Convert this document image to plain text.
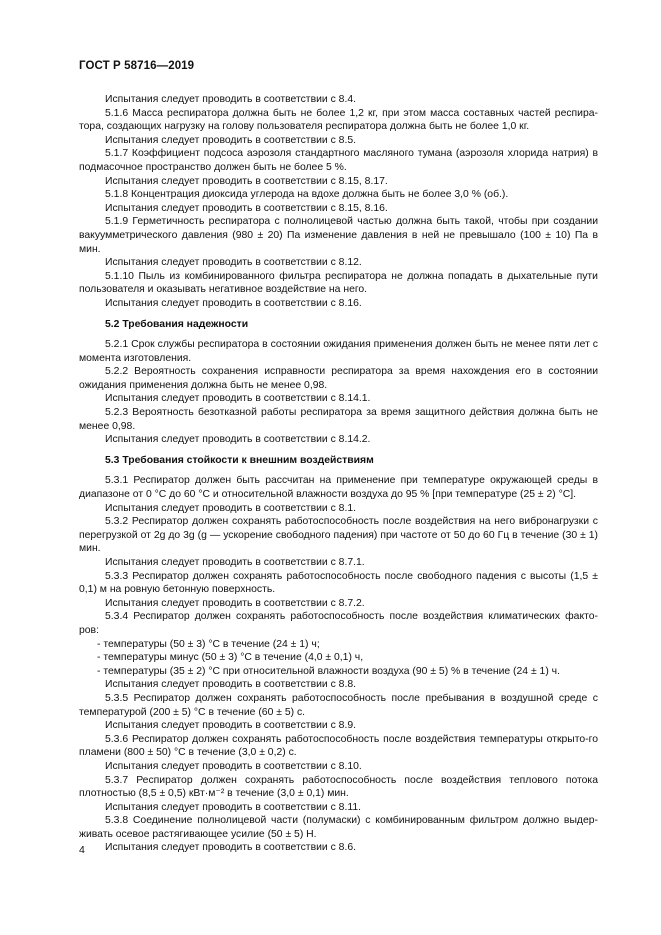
ГОСТ Р 58716—2019

Испытания следует проводить в соответствии с 8.4.

5.1.6 Масса респиратора должна быть не более 1,2 кг, при этом масса составных частей респира-тора, создающих нагрузку на голову пользователя респиратора должна быть не более 1,0 кг.

Испытания следует проводить в соответствии с 8.5.

5.1.7 Коэффициент подсоса аэрозоля стандартного масляного тумана (аэрозоля хлорида натрия) в подмасочное пространство должен быть не более 5 %.

Испытания следует проводить в соответствии с 8.15, 8.17.

5.1.8 Концентрация диоксида углерода на вдохе должна быть не более 3,0 % (об.).

Испытания следует проводить в соответствии с 8.15, 8.16.

5.1.9 Герметичность респиратора с полнолицевой частью должна быть такой, чтобы при создании вакуумметрического давления (980 ± 20) Па изменение давления в ней не превышало (100 ± 10) Па в мин.

Испытания следует проводить в соответствии с 8.12.

5.1.10 Пыль из комбинированного фильтра респиратора не должна попадать в дыхательные пути пользователя и оказывать негативное воздействие на него.

Испытания следует проводить в соответствии с 8.16.

5.2 Требования надежности

5.2.1 Срок службы респиратора в состоянии ожидания применения должен быть не менее пяти лет с момента изготовления.

5.2.2 Вероятность сохранения исправности респиратора за время нахождения его в состоянии ожидания применения должна быть не менее 0,98.

Испытания следует проводить в соответствии с 8.14.1.

5.2.3 Вероятность безотказной работы респиратора за время защитного действия должна быть не менее 0,98.

Испытания следует проводить в соответствии с 8.14.2.

5.3 Требования стойкости к внешним воздействиям

5.3.1 Респиратор должен быть рассчитан на применение при температуре окружающей среды в диапазоне от 0 °С до 60 °С и относительной влажности воздуха до 95 % [при температуре (25 ± 2) °С].

Испытания следует проводить в соответствии с 8.1.

5.3.2 Респиратор должен сохранять работоспособность после воздействия на него вибронагрузки с перегрузкой от 2g до 3g (g — ускорение свободного падения) при частоте от 50 до 60 Гц в течение (30 ± 1) мин.

Испытания следует проводить в соответствии с 8.7.1.

5.3.3 Респиратор должен сохранять работоспособность после свободного падения с высоты (1,5 ± 0,1) м на ровную бетонную поверхность.

Испытания следует проводить в соответствии с 8.7.2.

5.3.4 Респиратор должен сохранять работоспособность после воздействия климатических факто-ров:

- температуры (50 ± 3) °С в течение (24 ± 1) ч;

- температуры минус (50 ± 3) °С в течение (4,0 ± 0,1) ч,

- температуры (35 ± 2) °С при относительной влажности воздуха (90 ± 5) % в течение (24 ± 1) ч.

Испытания следует проводить в соответствии с 8.8.

5.3.5 Респиратор должен сохранять работоспособность после пребывания в воздушной среде с температурой (200 ± 5) °С в течение (60 ± 5) с.

Испытания следует проводить в соответствии с 8.9.

5.3.6 Респиратор должен сохранять работоспособность после воздействия температуры открыто-го пламени (800 ± 50) °С в течение (3,0 ± 0,2) с.

Испытания следует проводить в соответствии с 8.10.

5.3.7 Респиратор должен сохранять работоспособность после воздействия теплового потока плотностью (8,5 ± 0,5) кВт·м⁻² в течение (3,0 ± 0,1) мин.

Испытания следует проводить в соответствии с 8.11.

5.3.8 Соединение полнолицевой части (полумаски) с комбинированным фильтром должно выдер-живать осевое растягивающее усилие (50 ± 5) Н.

Испытания следует проводить в соответствии с 8.6.

4
